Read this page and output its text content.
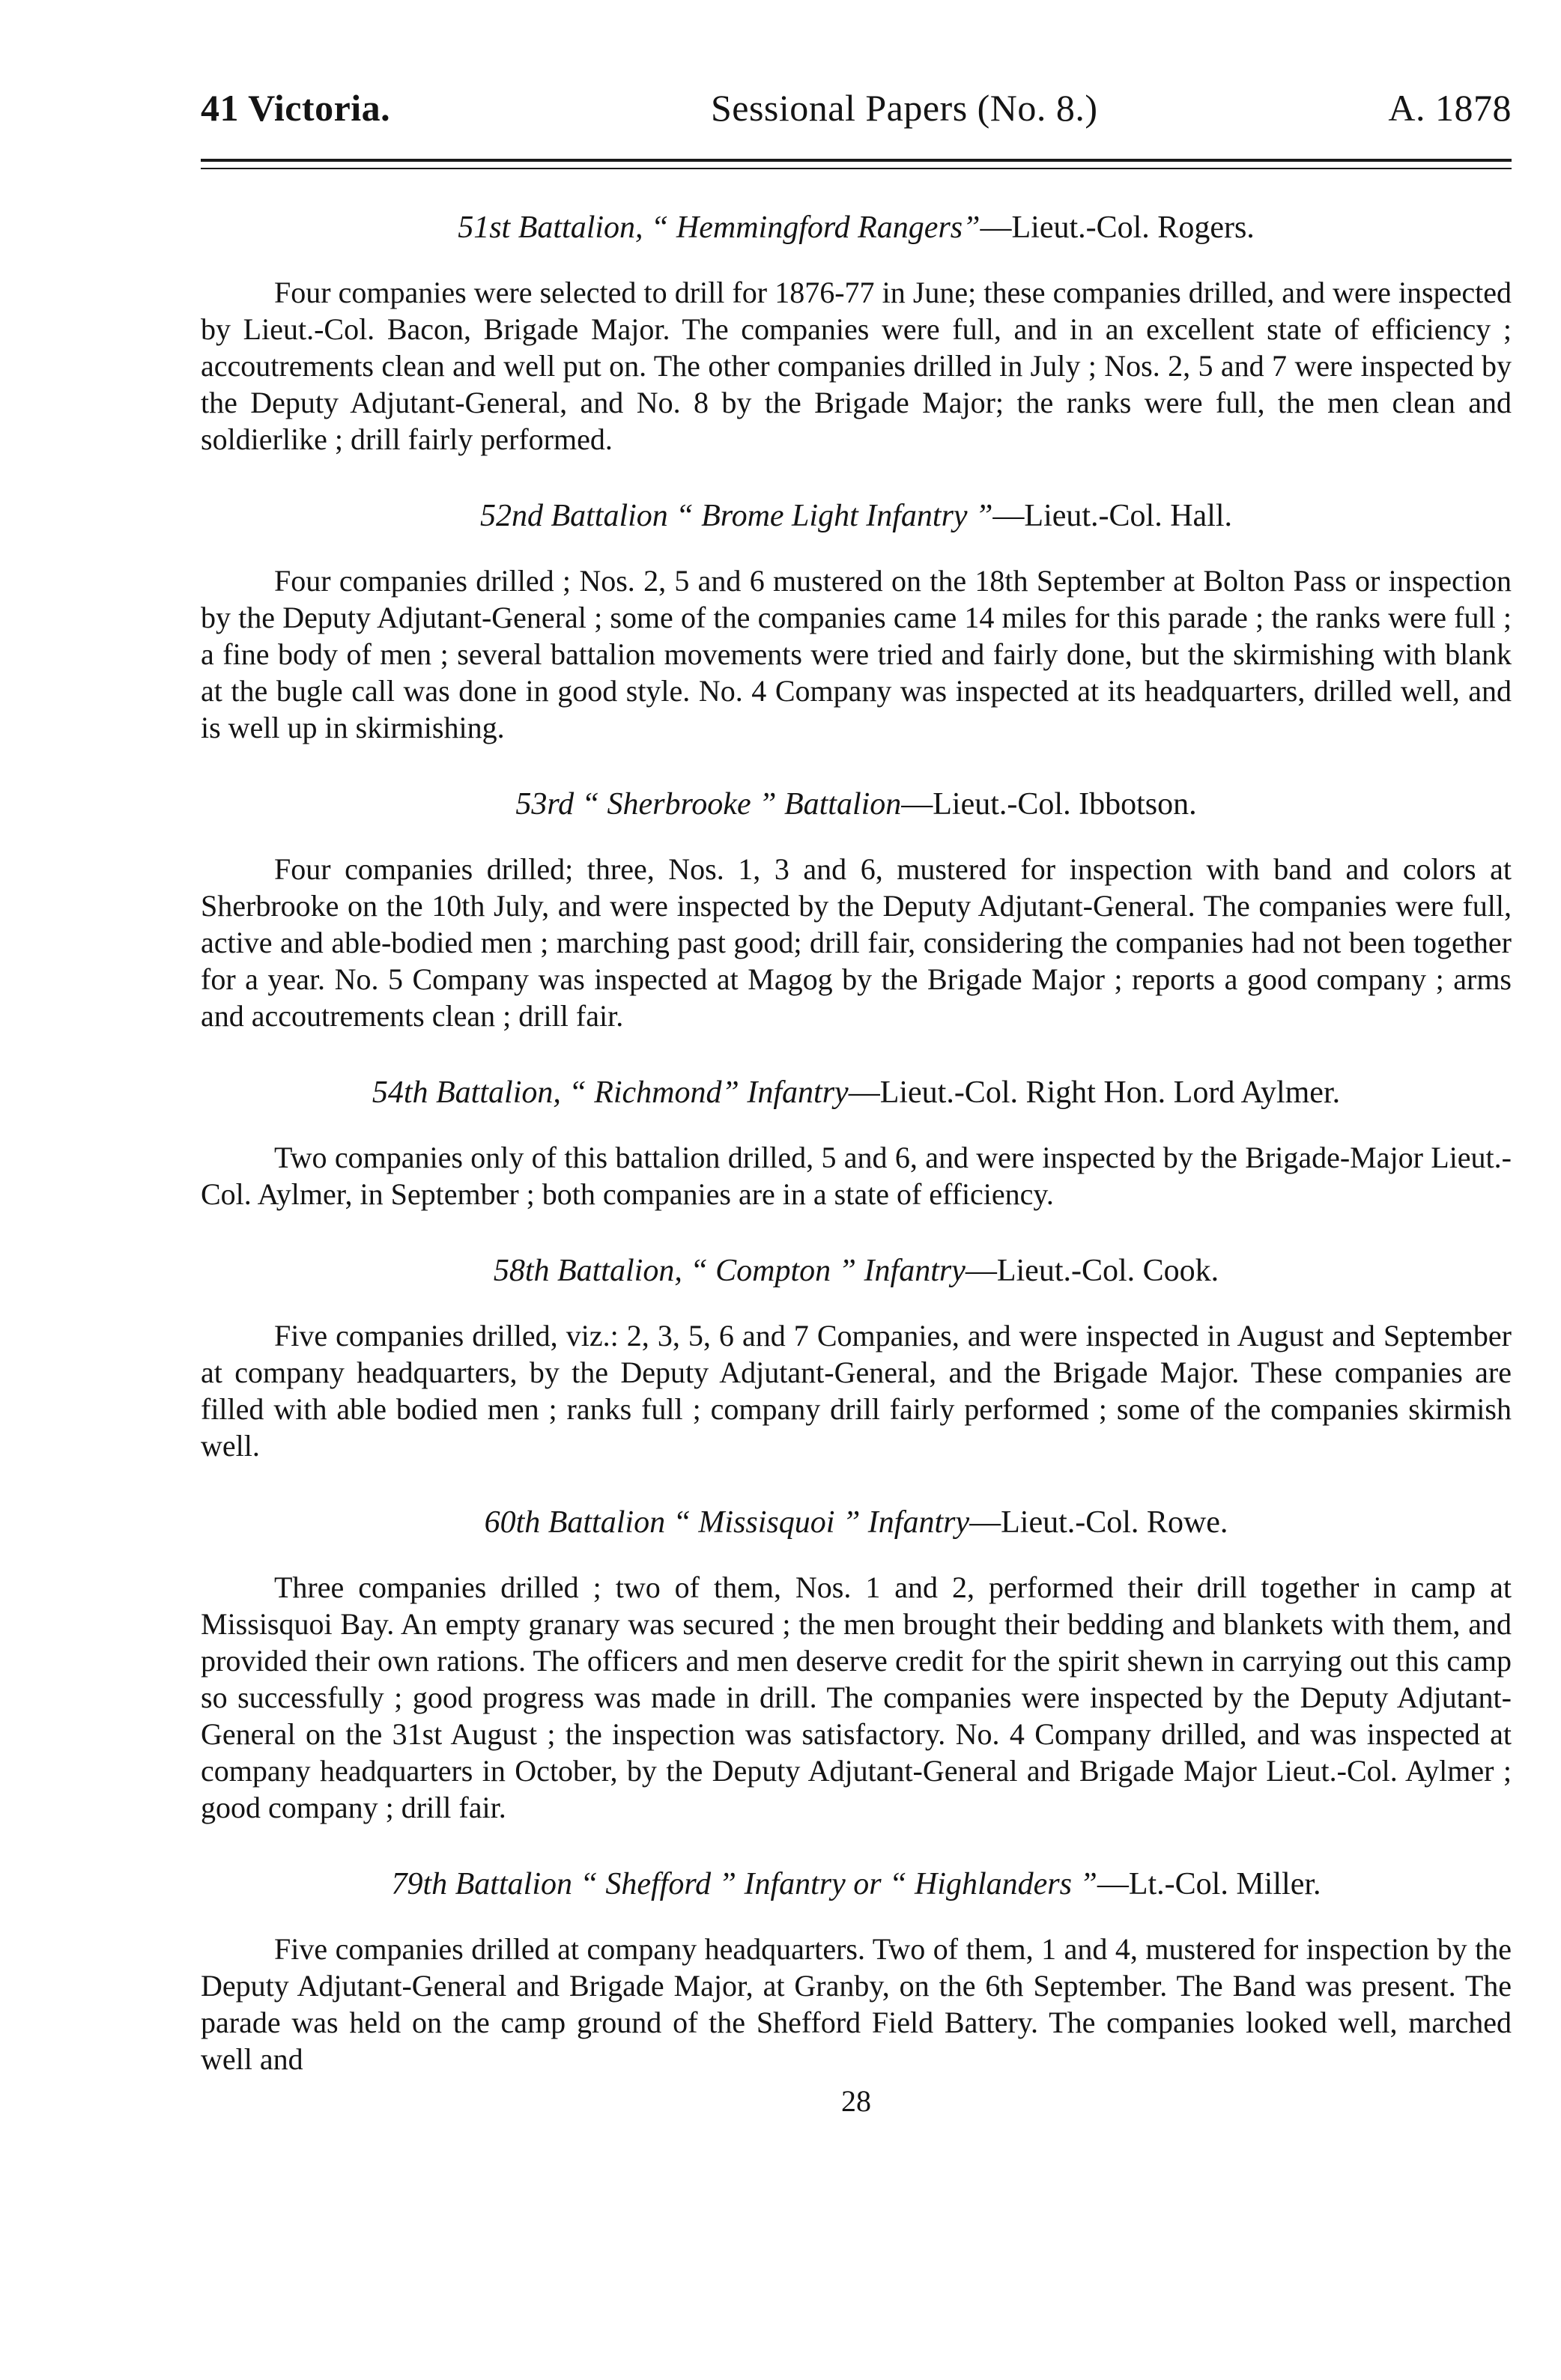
41 Victoria.	Sessional Papers (No. 8.)	A. 1878
51st Battalion, “ Hemmingford Rangers”—Lieut.-Col. Rogers.

Four companies were selected to drill for 1876-77 in June; these companies drilled, and were inspected by Lieut.-Col. Bacon, Brigade Major. The companies were full, and in an excellent state of efficiency ; accoutrements clean and well put on. The other companies drilled in July ; Nos. 2, 5 and 7 were inspected by the Deputy Adjutant-General, and No. 8 by the Brigade Major; the ranks were full, the men clean and soldierlike ; drill fairly performed.

52nd Battalion “ Brome Light Infantry ”—Lieut.-Col. Hall.

Four companies drilled ; Nos. 2, 5 and 6 mustered on the 18th September at Bolton Pass or inspection by the Deputy Adjutant-General ; some of the companies came 14 miles for this parade ; the ranks were full ; a fine body of men ; several battalion movements were tried and fairly done, but the skirmishing with blank at the bugle call was done in good style. No. 4 Company was inspected at its headquarters, drilled well, and is well up in skirmishing.

53rd “ Sherbrooke ” Battalion—Lieut.-Col. Ibbotson.

Four companies drilled; three, Nos. 1, 3 and 6, mustered for inspection with band and colors at Sherbrooke on the 10th July, and were inspected by the Deputy Adjutant-General. The companies were full, active and able-bodied men ; marching past good; drill fair, considering the companies had not been together for a year. No. 5 Company was inspected at Magog by the Brigade Major ; reports a good company ; arms and accoutrements clean ; drill fair.

54th Battalion, “ Richmond” Infantry—Lieut.-Col. Right Hon. Lord Aylmer.

Two companies only of this battalion drilled, 5 and 6, and were inspected by the Brigade-Major Lieut.-Col. Aylmer, in September ; both companies are in a state of efficiency.

58th Battalion, “ Compton ” Infantry—Lieut.-Col. Cook.

Five companies drilled, viz.: 2, 3, 5, 6 and 7 Companies, and were inspected in August and September at company headquarters, by the Deputy Adjutant-General, and the Brigade Major. These companies are filled with able bodied men ; ranks full ; company drill fairly performed ; some of the companies skirmish well.

60th Battalion “ Missisquoi ” Infantry—Lieut.-Col. Rowe.

Three companies drilled ; two of them, Nos. 1 and 2, performed their drill together in camp at Missisquoi Bay. An empty granary was secured ; the men brought their bedding and blankets with them, and provided their own rations. The officers and men deserve credit for the spirit shewn in carrying out this camp so successfully ; good progress was made in drill. The companies were inspected by the Deputy Adjutant-General on the 31st August ; the inspection was satisfactory. No. 4 Company drilled, and was inspected at company headquarters in October, by the Deputy Adjutant-General and Brigade Major Lieut.-Col. Aylmer ; good company ; drill fair.

79th Battalion “ Shefford ” Infantry or “ Highlanders ”—Lt.-Col. Miller.

Five companies drilled at company headquarters. Two of them, 1 and 4, mustered for inspection by the Deputy Adjutant-General and Brigade Major, at Granby, on the 6th September. The Band was present. The parade was held on the camp ground of the Shefford Field Battery. The companies looked well, marched well and

28
